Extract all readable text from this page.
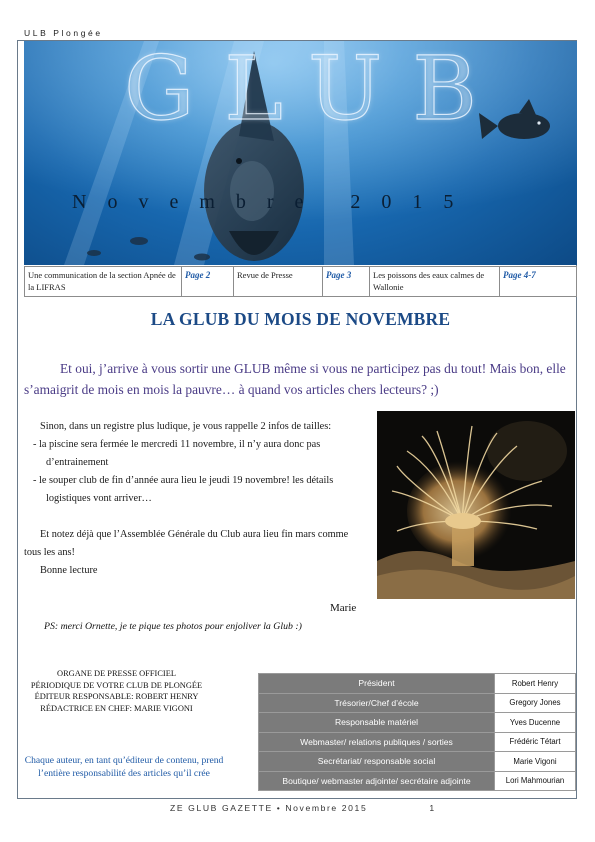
ULB Plongée
GLUB
Novembre 2015
Une communication de la section Apnée de la LIFRAS	Page 2	Revue de Presse	Page 3	Les poissons des eaux calmes de Wallonie	Page 4-7
LA GLUB DU MOIS DE NOVEMBRE
Et oui, j’arrive à vous sortir une GLUB même si vous ne participez pas du tout! Mais bon, elle s’amaigrit de mois en mois la pauvre… à quand vos articles chers lecteurs? ;)

Sinon, dans un registre plus ludique, je vous rappelle 2 infos de tailles:

- la piscine sera fermée le mercredi 11 novembre, il n’y aura donc pas d’entrainement

- le souper club de fin d’année aura lieu le jeudi 19 novembre! les détails logistiques vont arriver…

Et notez déjà que l’Assemblée Générale du Club aura lieu fin mars comme tous les ans!

Bonne lecture

Marie
PS: merci Ornette, je te pique tes photos pour enjoliver la Glub :)
ORGANE DE PRESSE OFFICIEL
PÉRIODIQUE DE VOTRE CLUB DE PLONGÉE
ÉDITEUR RESPONSABLE: ROBERT HENRY
RÉDACTRICE EN CHEF: MARIE VIGONI
Chaque auteur, en tant qu’éditeur de contenu, prend l’entière responsabilité des articles qu’il crée
Président	Robert Henry
Trésorier/Chef d’école	Gregory Jones
Responsable matériel	Yves Ducenne
Webmaster/ relations publiques / sorties	Frédéric Tétart
Secrétariat/ responsable social	Marie Vigoni
Boutique/ webmaster adjointe/ secrétaire adjointe	Lori Mahmourian
ZE GLUB GAZETTE • Novembre 2015	1
